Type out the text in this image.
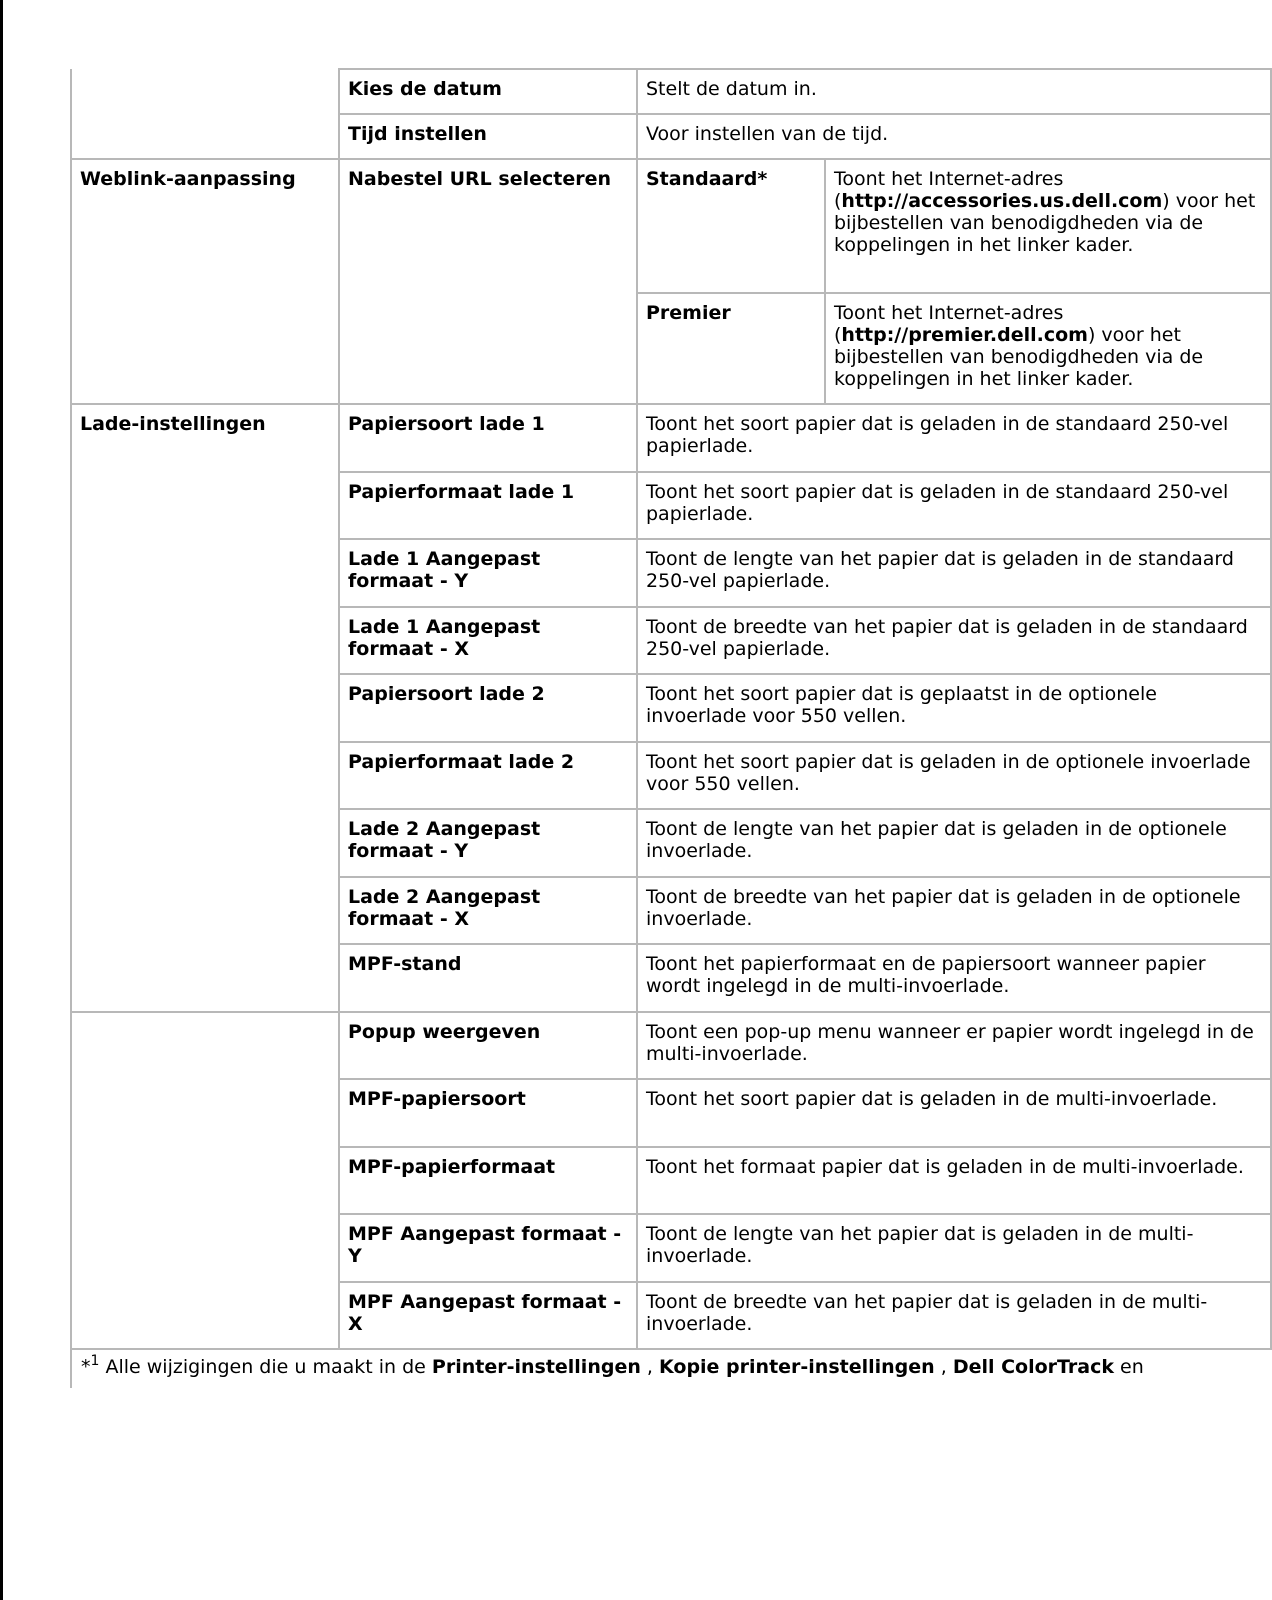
	Kies de datum	Stelt de datum in.	
	Tijd instellen	Voor instellen van de tijd.	
Weblink-aanpassing	Nabestel URL selecteren	Standaard*	Toont het Internet-adres (http://accessories.us.dell.com) voor het bijbestellen van benodigdheden via de koppelingen in het linker kader.
		Premier	Toont het Internet-adres (http://premier.dell.com) voor het bijbestellen van benodigdheden via de koppelingen in het linker kader.
Lade-instellingen	Papiersoort lade 1	Toont het soort papier dat is geladen in de standaard 250-vel papierlade.	
	Papierformaat lade 1	Toont het soort papier dat is geladen in de standaard 250-vel papierlade.	
	Lade 1 Aangepast formaat - Y	Toont de lengte van het papier dat is geladen in de standaard 250-vel papierlade.	
	Lade 1 Aangepast formaat - X	Toont de breedte van het papier dat is geladen in de standaard 250-vel papierlade.	
	Papiersoort lade 2	Toont het soort papier dat is geplaatst in de optionele invoerlade voor 550 vellen.	
	Papierformaat lade 2	Toont het soort papier dat is geladen in de optionele invoerlade voor 550 vellen.	
	Lade 2 Aangepast formaat - Y	Toont de lengte van het papier dat is geladen in de optionele invoerlade.	
	Lade 2 Aangepast formaat - X	Toont de breedte van het papier dat is geladen in de optionele invoerlade.	
	MPF-stand	Toont het papierformaat en de papiersoort wanneer papier wordt ingelegd in de multi-invoerlade.	
	Popup weergeven	Toont een pop-up menu wanneer er papier wordt ingelegd in de multi-invoerlade.	
	MPF-papiersoort	Toont het soort papier dat is geladen in de multi-invoerlade.	
	MPF-papierformaat	Toont het formaat papier dat is geladen in de multi-invoerlade.	
	MPF Aangepast formaat - Y	Toont de lengte van het papier dat is geladen in de multi-invoerlade.	
	MPF Aangepast formaat - X	Toont de breedte van het papier dat is geladen in de multi-invoerlade.	
*$^1$ Alle wijzigingen die u maakt in de Printer-instellingen , Kopie printer-instellingen , Dell ColorTrack en
